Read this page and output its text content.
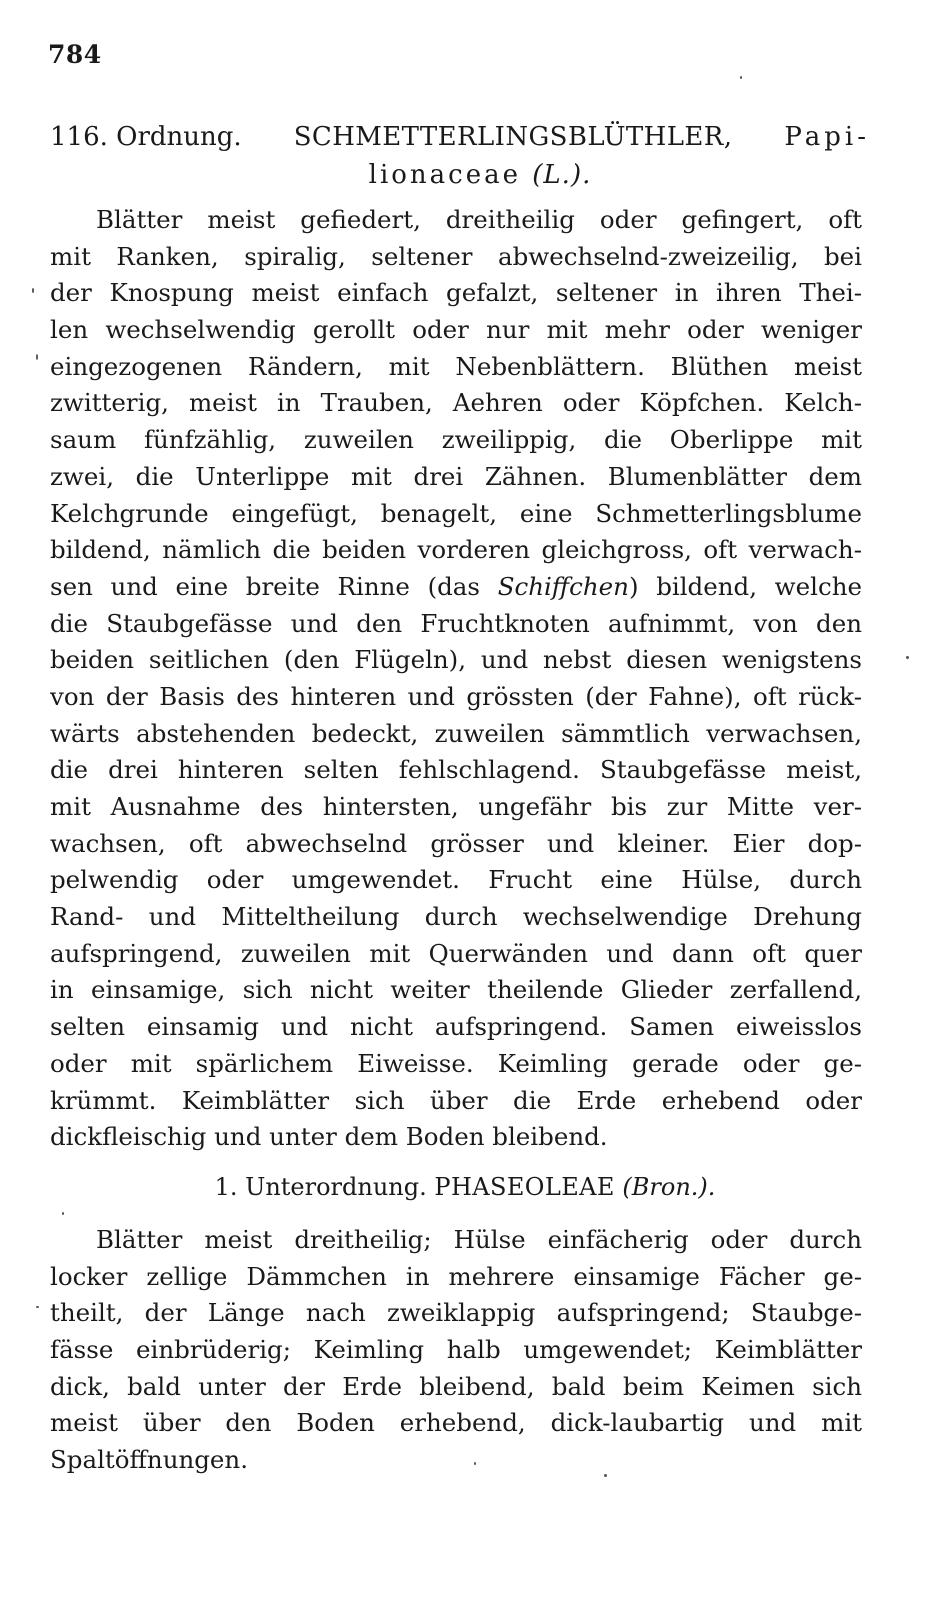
784
116. Ordnung. SCHMETTERLINGSBLÜTHLER, Papi-
lionaceae (L.).
Blätter meist gefiedert, dreitheilig oder gefingert, oft
mit Ranken, spiralig, seltener abwechselnd-zweizeilig, bei
der Knospung meist einfach gefalzt, seltener in ihren Thei-
len wechselwendig gerollt oder nur mit mehr oder weniger
eingezogenen Rändern, mit Nebenblättern. Blüthen meist
zwitterig, meist in Trauben, Aehren oder Köpfchen. Kelch-
saum fünfzählig, zuweilen zweilippig, die Oberlippe mit
zwei, die Unterlippe mit drei Zähnen. Blumenblätter dem
Kelchgrunde eingefügt, benagelt, eine Schmetterlingsblume
bildend, nämlich die beiden vorderen gleichgross, oft verwach-
sen und eine breite Rinne (das Schiffchen) bildend, welche
die Staubgefässe und den Fruchtknoten aufnimmt, von den
beiden seitlichen (den Flügeln), und nebst diesen wenigstens
von der Basis des hinteren und grössten (der Fahne), oft rück-
wärts abstehenden bedeckt, zuweilen sämmtlich verwachsen,
die drei hinteren selten fehlschlagend. Staubgefässe meist,
mit Ausnahme des hintersten, ungefähr bis zur Mitte ver-
wachsen, oft abwechselnd grösser und kleiner. Eier dop-
pelwendig oder umgewendet. Frucht eine Hülse, durch
Rand- und Mitteltheilung durch wechselwendige Drehung
aufspringend, zuweilen mit Querwänden und dann oft quer
in einsamige, sich nicht weiter theilende Glieder zerfallend,
selten einsamig und nicht aufspringend. Samen eiweisslos
oder mit spärlichem Eiweisse. Keimling gerade oder ge-
krümmt. Keimblätter sich über die Erde erhebend oder
dickfleischig und unter dem Boden bleibend.
1. Unterordnung. PHASEOLEAE (Bron.).
Blätter meist dreitheilig; Hülse einfächerig oder durch
locker zellige Dämmchen in mehrere einsamige Fächer ge-
theilt, der Länge nach zweiklappig aufspringend; Staubge-
fässe einbrüderig; Keimling halb umgewendet; Keimblätter
dick, bald unter der Erde bleibend, bald beim Keimen sich
meist über den Boden erhebend, dick-laubartig und mit
Spaltöffnungen.
